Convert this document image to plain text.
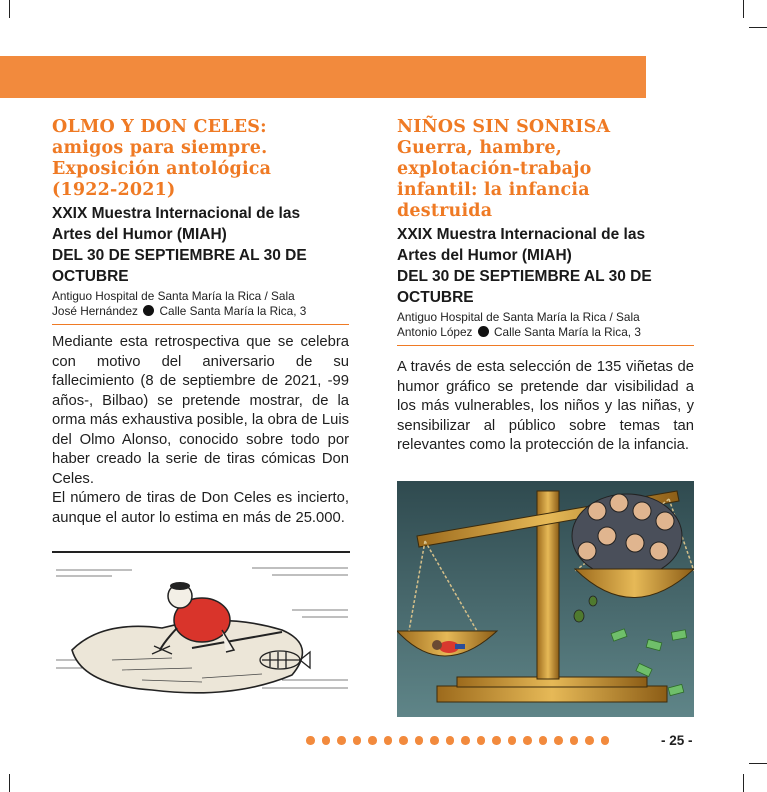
OLMO Y DON CELES:
amigos para siempre.
Exposición antológica
(1922-2021)
XXIX Muestra Internacional de las
Artes del Humor (MIAH)
DEL 30 DE SEPTIEMBRE AL 30 DE
OCTUBRE
Antiguo Hospital de Santa María la Rica / Sala
José Hernández Calle Santa María la Rica, 3

Mediante esta retrospectiva que se celebra con motivo del aniversario de su fallecimiento (8 de septiembre de 2021, -99 años-, Bilbao) se pretende mostrar, de la orma más exhaustiva posible, la obra de Luis del Olmo Alonso, conocido sobre todo por haber creado la serie de tiras cómicas Don Celes.

El número de tiras de Don Celes es incierto, aunque el autor lo estima en más de 25.000.

NIÑOS SIN SONRISA
Guerra, hambre,
explotación-trabajo
infantil: la infancia
destruida
XXIX Muestra Internacional de las
Artes del Humor (MIAH)
DEL 30 DE SEPTIEMBRE AL 30 DE
OCTUBRE
Antiguo Hospital de Santa María la Rica / Sala
Antonio López Calle Santa María la Rica, 3

A través de esta selección de 135 viñetas de humor gráfico se pretende dar visibilidad a los más vulnerables, los niños y las niñas, y sensibilizar al público sobre temas tan relevantes como la protección de la infancia.

- 25 -
